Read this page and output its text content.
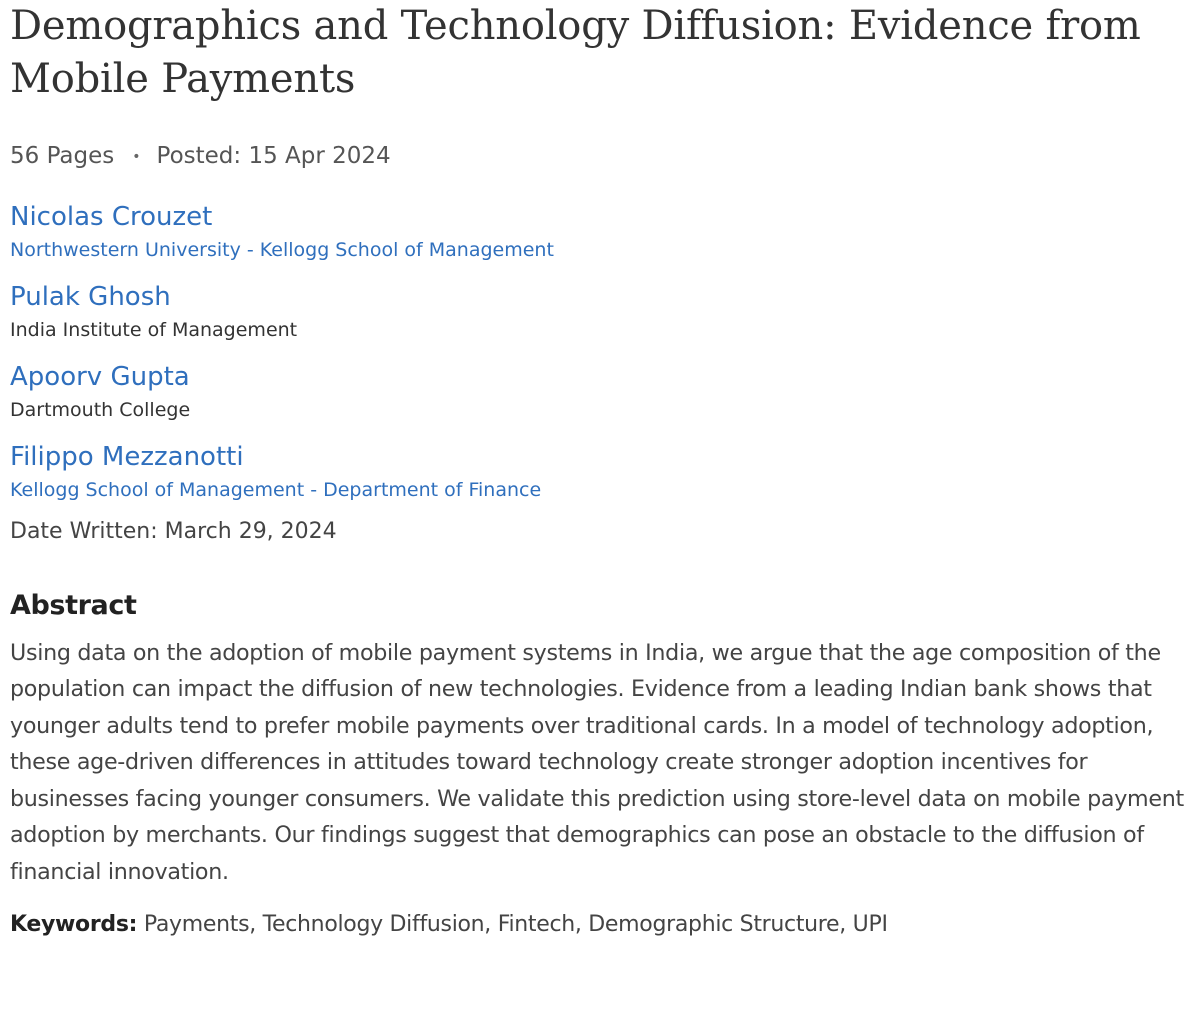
Demographics and Technology Diffusion: Evidence from Mobile Payments
56 Pages • Posted: 15 Apr 2024
Nicolas Crouzet
Northwestern University - Kellogg School of Management
Pulak Ghosh
India Institute of Management
Apoorv Gupta
Dartmouth College
Filippo Mezzanotti
Kellogg School of Management - Department of Finance
Date Written: March 29, 2024
Abstract
Using data on the adoption of mobile payment systems in India, we argue that the age composition of the population can impact the diffusion of new technologies. Evidence from a leading Indian bank shows that younger adults tend to prefer mobile payments over traditional cards. In a model of technology adoption, these age-driven differences in attitudes toward technology create stronger adoption incentives for businesses facing younger consumers. We validate this prediction using store-level data on mobile payment adoption by merchants. Our findings suggest that demographics can pose an obstacle to the diffusion of financial innovation.
Keywords: Payments, Technology Diffusion, Fintech, Demographic Structure, UPI
